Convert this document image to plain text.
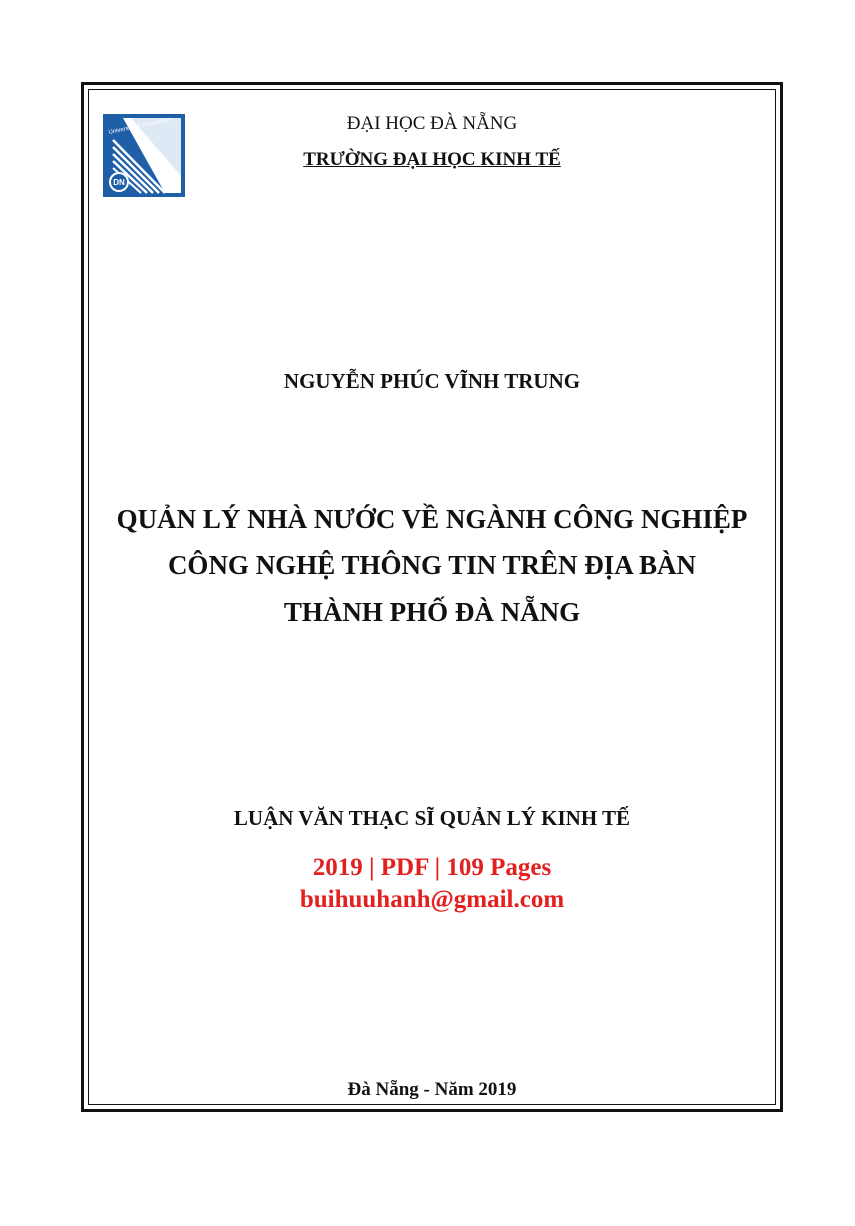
University of Economics
DN
ĐẠI HỌC ĐÀ NẴNG
TRƯỜNG ĐẠI HỌC KINH TẾ
NGUYỄN PHÚC VĨNH TRUNG
QUẢN LÝ NHÀ NƯỚC VỀ NGÀNH CÔNG NGHIỆP
CÔNG NGHỆ THÔNG TIN TRÊN ĐỊA BÀN
THÀNH PHỐ ĐÀ NẴNG
LUẬN VĂN THẠC SĨ QUẢN LÝ KINH TẾ
2019 | PDF | 109 Pages
buihuuhanh@gmail.com
Đà Nẵng - Năm 2019
